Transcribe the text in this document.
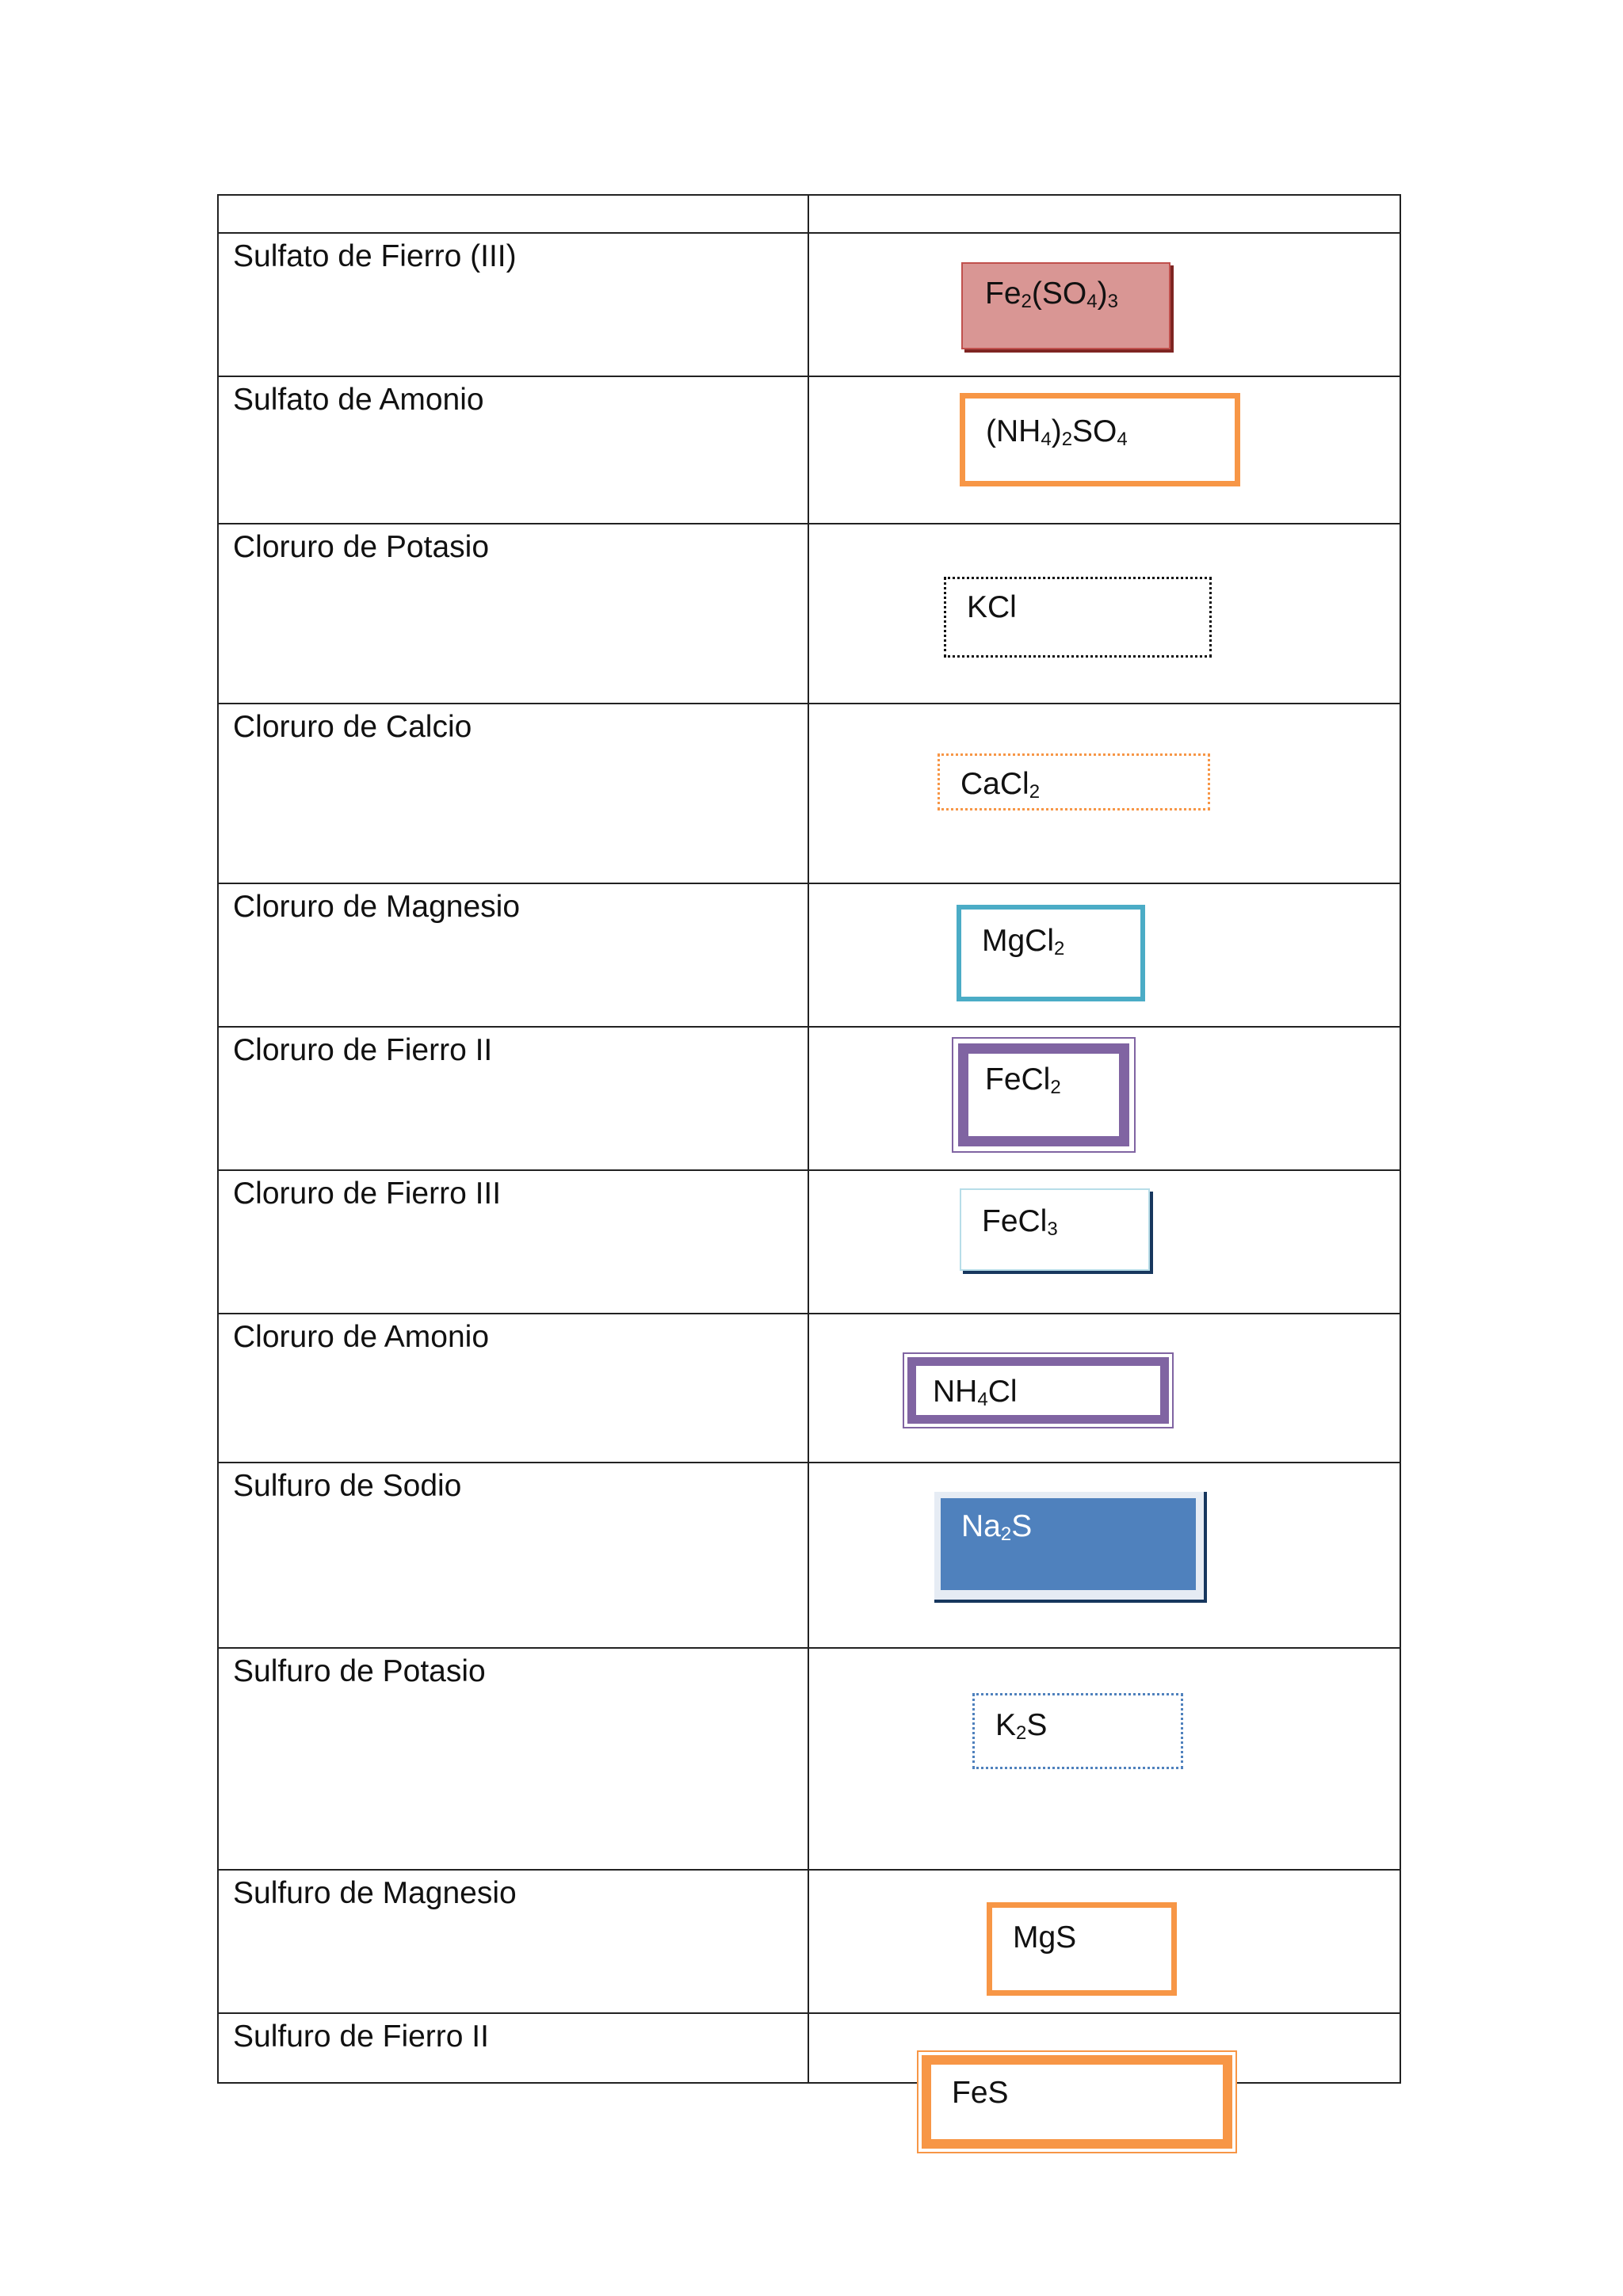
Sulfato de Fierro (III)	$Fe_2(SO_4)_3$

Sulfato de Amonio	$(NH_4)_2SO_4$

Cloruro de Potasio	KCl

Cloruro de Calcio	CaCl$_2$

Cloruro de Magnesio	MgCl$_2$

Cloruro de Fierro II	FeCl$_2$

Cloruro de Fierro III	FeCl$_3$

Cloruro de Amonio	$NH_4Cl$

Sulfuro de Sodio	$Na_2S$

Sulfuro de Potasio	$K_2S$

Sulfuro de Magnesio	MgS

Sulfuro de Fierro II	FeS
